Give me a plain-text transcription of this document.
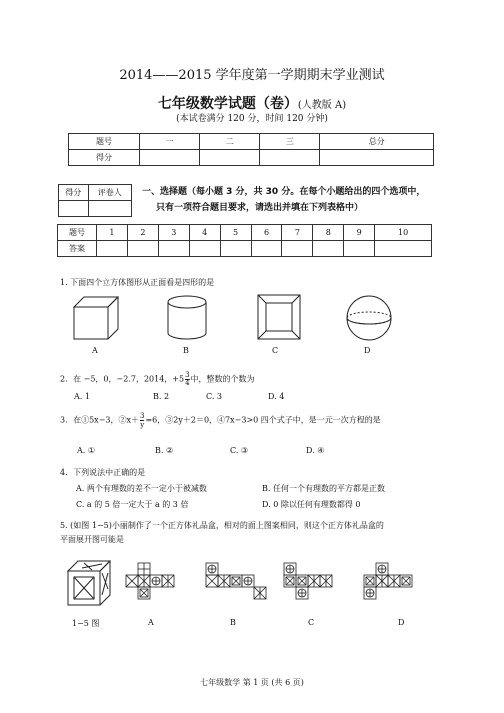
2014——2015 学年度第一学期期末学业测试
七年级数学试题（卷）(人教版 A)
(本试卷满分 120 分，时间 120 分钟)
题号	一	二	三	总分
得分				
得分	评卷人
	一、选择题（每小题 3 分，共 30 分。在每个小题给出的四个选项中，
只有一项符合题目要求，请选出并填在下列表格中）
题号	1	2	3	4	5	6	7	8	9	10
答案										
1. 下面四个立方体图形从正面看是四形的是
A	B	C	D
2．在 −5，0，−2.7，2014，$+5 \frac{3}{4}$ 中，整数的个数为
A. 1	B. 2	C. 3	D. 4
3．在①5x−3，②x＋ $\frac{3}{y} =6$，③2y＋2＝0，④7x−3>0 四个式子中，是一元一次方程的是
A. ①	B. ②	C. ③	D. ④
4．下列说法中正确的是
A. 两个有理数的差不一定小于被减数	B. 任何一个有理数的平方都是正数
C. a 的 5 倍一定大于 a 的 3 倍	D. 0 除以任何有理数都得 0
5. (如图 1−5)小丽制作了一个正方体礼品盒，相对的面上图案相同，则这个正方体礼品盒的
平面展开图可能是
1−5 图	A	B	C	D
七年级数学 第 1 页 (共 6 页)
